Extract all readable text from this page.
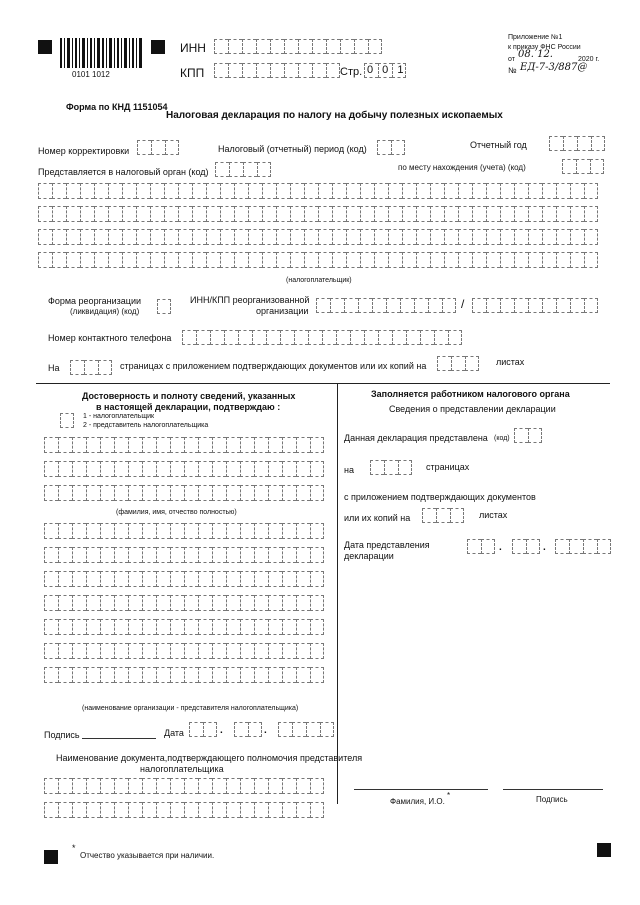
0101 1012
ИНН
КПП	Стр. 0 0 1
Приложение №1
к приказу ФНС России
от 08. 12.	2020 г.
№ ЕД-7-3/887@
Форма по КНД 1151054
Налоговая декларация по налогу на добычу полезных ископаемых
Номер корректировки	Налоговый (отчетный) период (код)	Отчетный год
Представляется в налоговый орган (код)	по месту нахождения (учета) (код)
(налогоплательщик)
Форма реорганизации
(ликвидация) (код)
ИНН/КПП реорганизованной
организации	/
Номер контактного телефона
На	страницах с приложением подтверждающих документов или их копий на	листах
Достоверность и полноту сведений, указанных
в настоящей декларации, подтверждаю :
1 - налогоплательщик
2 - представитель налогоплательщика
(фамилия, имя, отчество полностью)
(наименование организации - представителя налогоплательщика)
Подпись	Дата	.	.
Наименование документа,подтверждающего полномочия представителя
налогоплательщика
*
Отчество указывается при наличии.
Заполняется работником налогового органа
Сведения о представлении декларации
Данная декларация представлена (код)
на	страницах
с приложением подтверждающих документов
или их копий на	листах
Дата представления
декларации
.	.
Фамилия, И.О.
*	Подпись
